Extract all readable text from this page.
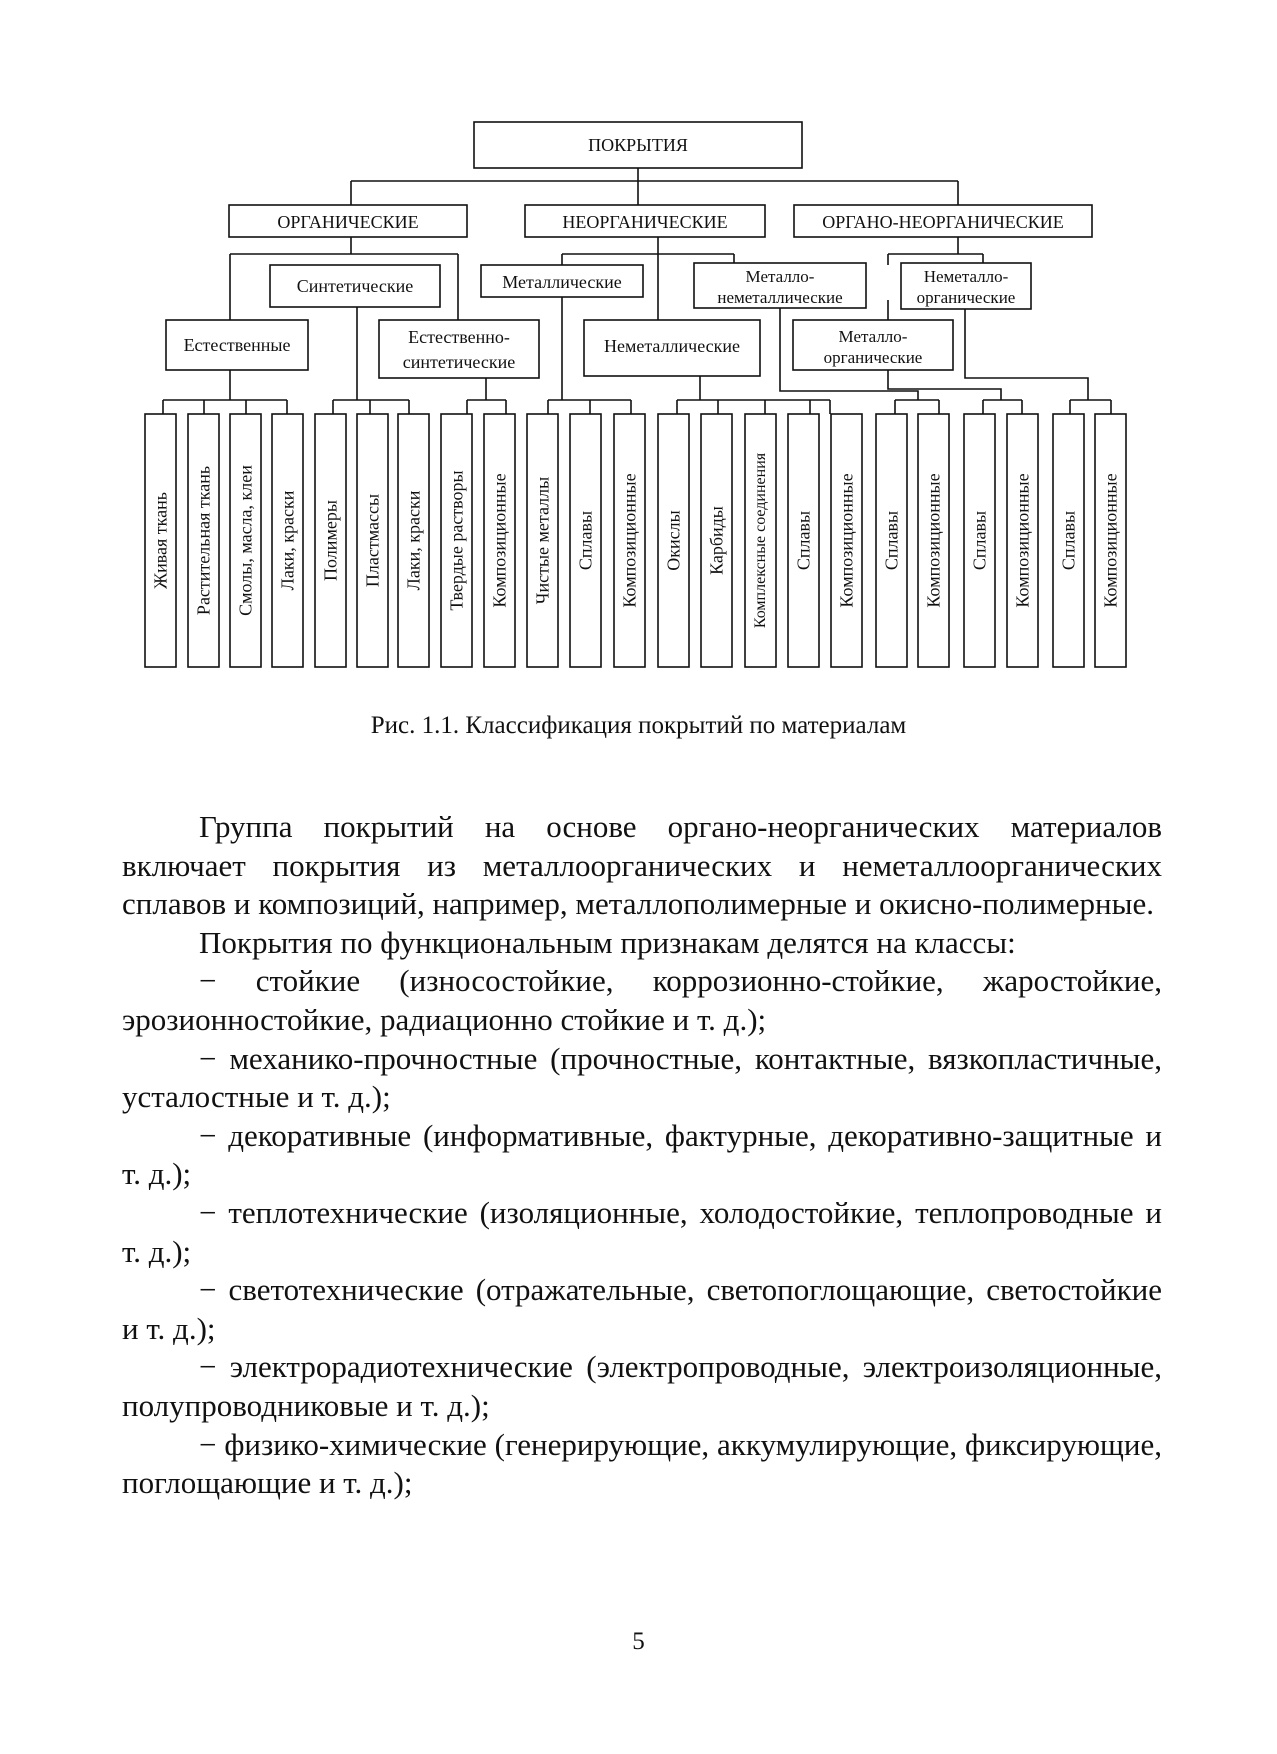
ПОКРЫТИЯ
ОРГАНИЧЕСКИЕ	НЕОРГАНИЧЕСКИЕ	ОРГАНО-НЕОРГАНИЧЕСКИЕ
Синтетические
Естественные	Естественно-
синтетические
Металлические	Металло-
неметаллические
Неметаллические
Неметалло-
органические
Металло-
органические
Живая ткань Растительная ткань Смолы, масла, клеи Лаки, краски Полимеры Пластмассы Лаки, краски Твердые растворы Композиционные Чистые металлы Сплавы Композиционные Окислы Карбиды Комплексные соединения Сплавы Композиционные Сплавы Композиционные Сплавы Композиционные Сплавы Композиционные
Рис. 1.1. Классификация покрытий по материалам

Группа покрытий на основе органо-неорганических материалов включает покрытия из металлоорганических и неметаллоорганических сплавов и композиций, например, металлополимерные и окисно-полимерные.

Покрытия по функциональным признакам делятся на классы:

− стойкие (износостойкие, коррозионно-стойкие, жаростойкие, эрозионностойкие, радиационно стойкие и т. д.);

− механико-прочностные (прочностные, контактные, вязкопластичные, усталостные и т. д.);

− декоративные (информативные, фактурные, декоративно-защитные и т. д.);

− теплотехнические (изоляционные, холодостойкие, теплопроводные и т. д.);

− светотехнические (отражательные, светопоглощающие, светостойкие и т. д.);

− электрорадиотехнические (электропроводные, электроизоляционные, полупроводниковые и т. д.);

− физико-химические (генерирующие, аккумулирующие, фиксирующие, поглощающие и т. д.);

5
